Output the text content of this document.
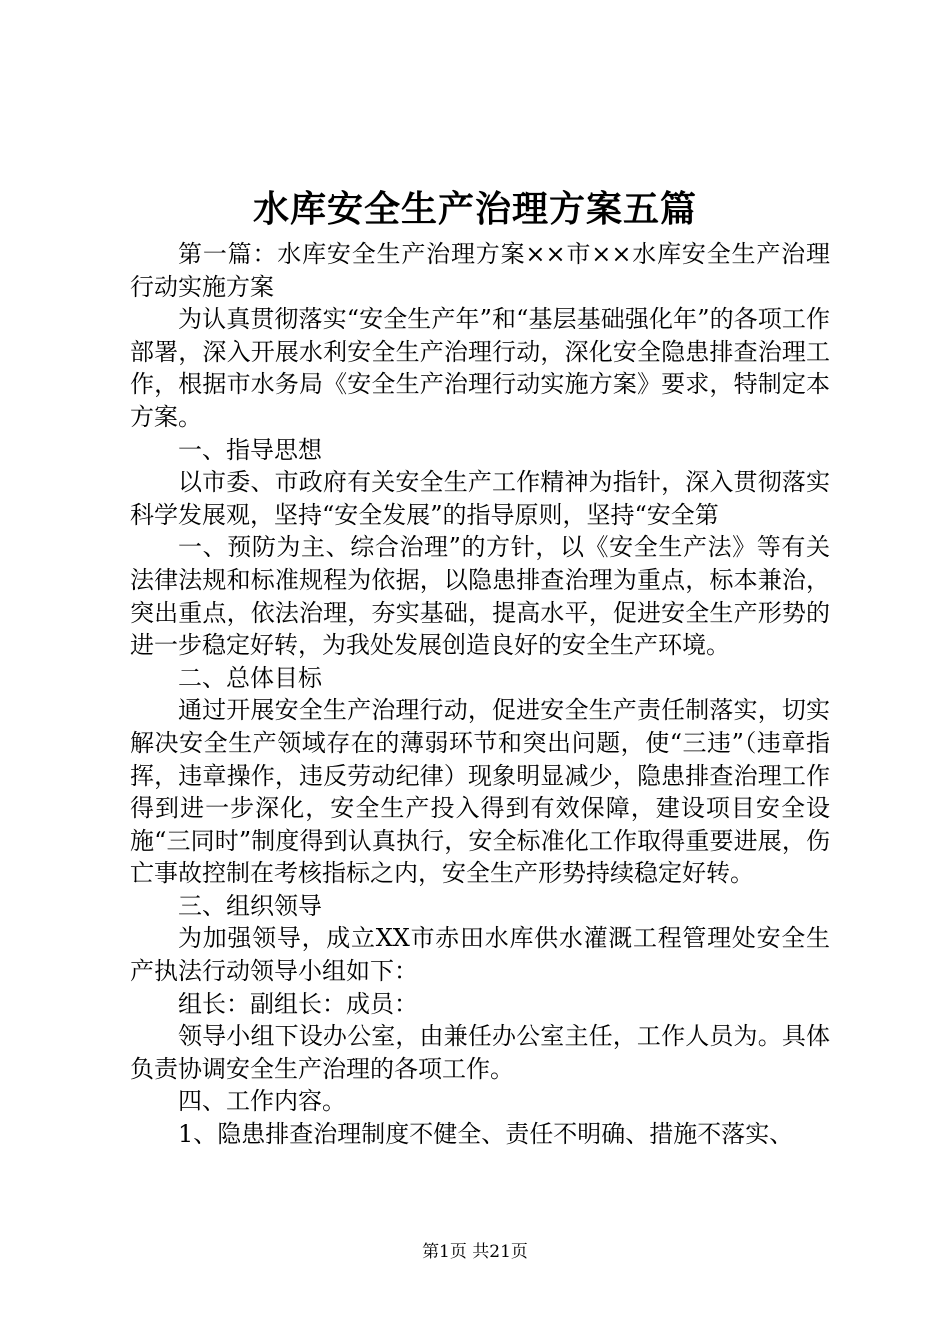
水库安全生产治理方案五篇

第一篇：水库安全生产治理方案××市××水库安全生产治理行动实施方案

为认真贯彻落实“安全生产年”和“基层基础强化年”的各项工作部署，深入开展水利安全生产治理行动，深化安全隐患排查治理工作，根据市水务局《安全生产治理行动实施方案》要求，特制定本方案。

一、指导思想

以市委、市政府有关安全生产工作精神为指针，深入贯彻落实科学发展观，坚持“安全发展”的指导原则，坚持“安全第

一、预防为主、综合治理”的方针，以《安全生产法》等有关法律法规和标准规程为依据，以隐患排查治理为重点，标本兼治，突出重点，依法治理，夯实基础，提高水平，促进安全生产形势的进一步稳定好转，为我处发展创造良好的安全生产环境。

二、总体目标

通过开展安全生产治理行动，促进安全生产责任制落实，切实解决安全生产领域存在的薄弱环节和突出问题，使“三违”（违章指挥，违章操作，违反劳动纪律）现象明显减少，隐患排查治理工作得到进一步深化，安全生产投入得到有效保障，建设项目安全设施“三同时”制度得到认真执行，安全标准化工作取得重要进展，伤亡事故控制在考核指标之内，安全生产形势持续稳定好转。

三、组织领导

为加强领导，成立XX市赤田水库供水灌溉工程管理处安全生产执法行动领导小组如下：

组长：副组长：成员：

领导小组下设办公室，由兼任办公室主任，工作人员为。具体负责协调安全生产治理的各项工作。

四、工作内容。

1、隐患排查治理制度不健全、责任不明确、措施不落实、

第1页 共21页
